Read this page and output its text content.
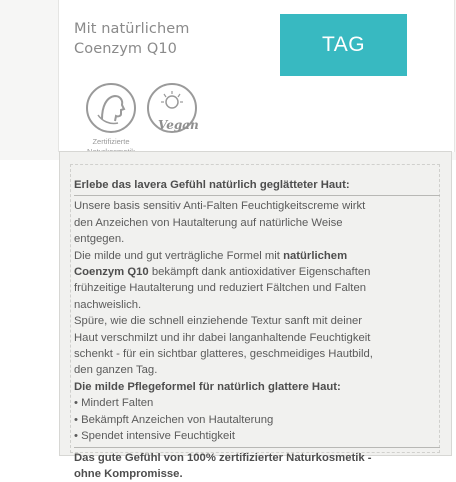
Mit natürlichem
Coenzym Q10	TAG
Zertifizierte
Vegan
Erlebe das lavera Gefühl natürlich geglätteter Haut:
Unsere basis sensitiv Anti-Falten Feuchtigkeitscreme wirkt
den Anzeichen von Hautalterung auf natürliche Weise
entgegen.
Die milde und gut verträgliche Formel mit natürlichem
Coenzym Q10 bekämpft dank antioxidativer Eigenschaften
frühzeitige Hautalterung und reduziert Fältchen und Falten
nachweislich.
Spüre, wie die schnell einziehende Textur sanft mit deiner
Haut verschmilzt und ihr dabei langanhaltende Feuchtigkeit
schenkt - für ein sichtbar glatteres, geschmeidiges Hautbild,
den ganzen Tag.
Die milde Pflegeformel für natürlich glattere Haut:
• Mindert Falten
• Bekämpft Anzeichen von Hautalterung
• Spendet intensive Feuchtigkeit
Das gute Gefühl von 100% zertifizierter Naturkosmetik -
ohne Kompromisse.
